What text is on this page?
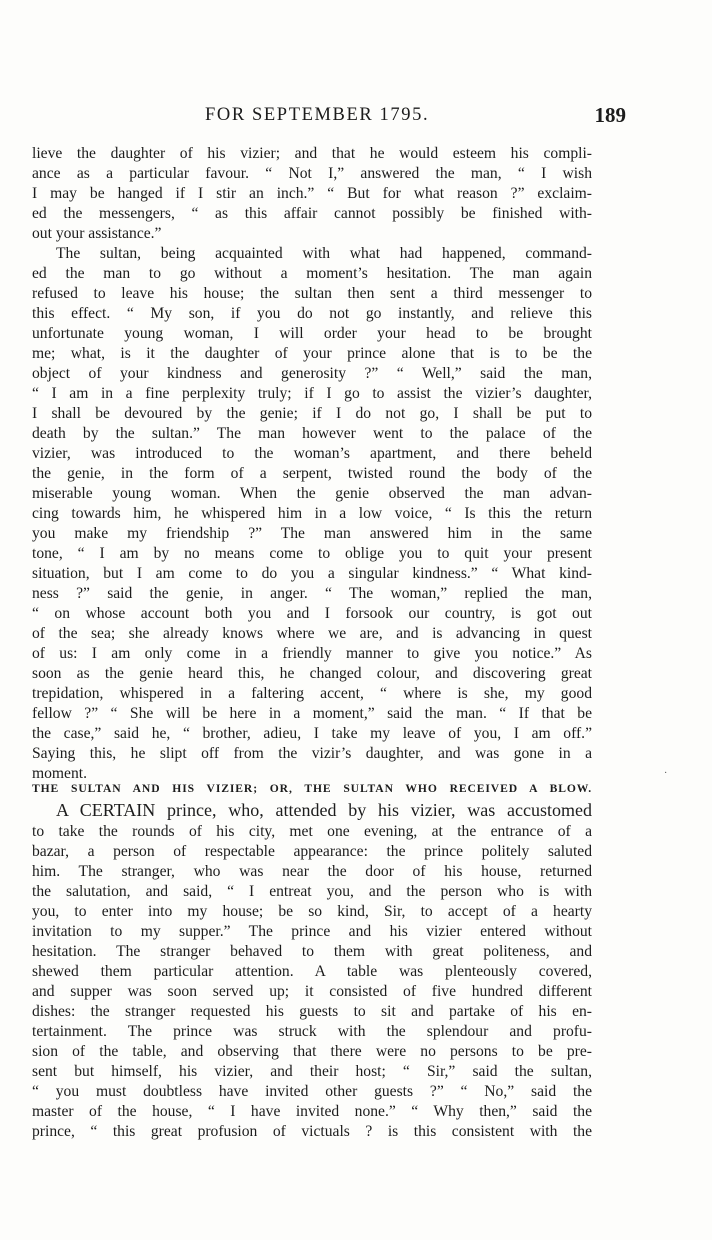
FOR SEPTEMBER 1795.	189
lieve the daughter of his vizier; and that he would esteem his compli-
ance as a particular favour. “ Not I,” answered the man, “ I wish
I may be hanged if I stir an inch.” “ But for what reason ?” exclaim-
ed the messengers, “ as this affair cannot possibly be finished with-
out your assistance.”
The sultan, being acquainted with what had happened, command-
ed the man to go without a moment’s hesitation. The man again
refused to leave his house; the sultan then sent a third messenger to
this effect. “ My son, if you do not go instantly, and relieve this
unfortunate young woman, I will order your head to be brought
me; what, is it the daughter of your prince alone that is to be the
object of your kindness and generosity ?” “ Well,” said the man,
“ I am in a fine perplexity truly; if I go to assist the vizier’s daughter,
I shall be devoured by the genie; if I do not go, I shall be put to
death by the sultan.” The man however went to the palace of the
vizier, was introduced to the woman’s apartment, and there beheld
the genie, in the form of a serpent, twisted round the body of the
miserable young woman. When the genie observed the man advan-
cing towards him, he whispered him in a low voice, “ Is this the return
you make my friendship ?” The man answered him in the same
tone, “ I am by no means come to oblige you to quit your present
situation, but I am come to do you a singular kindness.” “ What kind-
ness ?” said the genie, in anger. “ The woman,” replied the man,
“ on whose account both you and I forsook our country, is got out
of the sea; she already knows where we are, and is advancing in quest
of us: I am only come in a friendly manner to give you notice.” As
soon as the genie heard this, he changed colour, and discovering great
trepidation, whispered in a faltering accent, “ where is she, my good
fellow ?” “ She will be here in a moment,” said the man. “ If that be
the case,” said he, “ brother, adieu, I take my leave of you, I am off.”
Saying this, he slipt off from the vizir’s daughter, and was gone in a
moment.	·
THE SULTAN AND HIS VIZIER; OR, THE SULTAN WHO RECEIVED A BLOW.
A CERTAIN prince, who, attended by his vizier, was accustomed
to take the rounds of his city, met one evening, at the entrance of a
bazar, a person of respectable appearance: the prince politely saluted
him. The stranger, who was near the door of his house, returned
the salutation, and said, “ I entreat you, and the person who is with
you, to enter into my house; be so kind, Sir, to accept of a hearty
invitation to my supper.” The prince and his vizier entered without
hesitation. The stranger behaved to them with great politeness, and
shewed them particular attention. A table was plenteously covered,
and supper was soon served up; it consisted of five hundred different
dishes: the stranger requested his guests to sit and partake of his en-
tertainment. The prince was struck with the splendour and profu-
sion of the table, and observing that there were no persons to be pre-
sent but himself, his vizier, and their host; “ Sir,” said the sultan,
“ you must doubtless have invited other guests ?” “ No,” said the
master of the house, “ I have invited none.” “ Why then,” said the
prince, “ this great profusion of victuals ? is this consistent with the
